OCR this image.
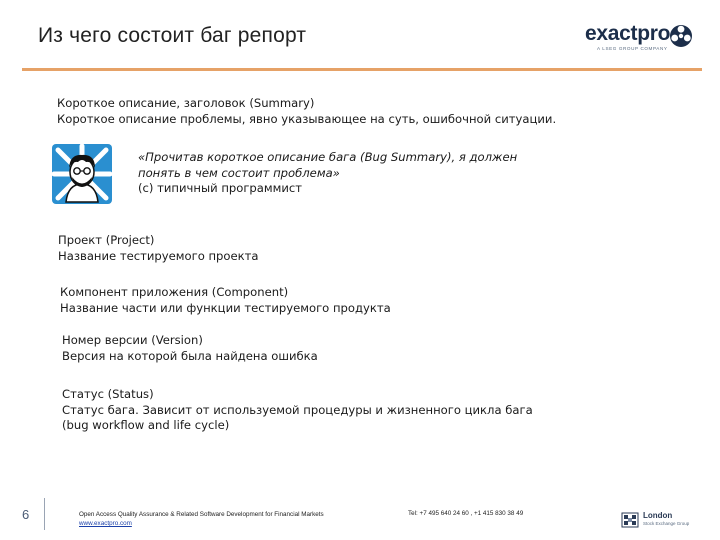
Из чего состоит баг репорт	exactpro
A LSEG GROUP COMPANY
Короткое описание, заголовок (Summary)
Короткое описание проблемы, явно указывающее на суть, ошибочной ситуации.
«Прочитав короткое описание бага (Bug Summary), я должен
понять в чем состоит проблема»
(с) типичный программист
Проект (Project)
Название тестируемого проекта
Компонент приложения (Component)
Название части или функции тестируемого продукта
Номер версии (Version)
Версия на которой была найдена ошибка
Статус (Status)
Статус бага. Зависит от используемой процедуры и жизненного цикла бага
(bug workflow and life cycle)
6	Open Access Quality Assurance & Related Software Development for Financial Markets
www.exactpro.com
Tel: +7 495 640 24 60 , +1 415 830 38 49	London
Stock Exchange Group
